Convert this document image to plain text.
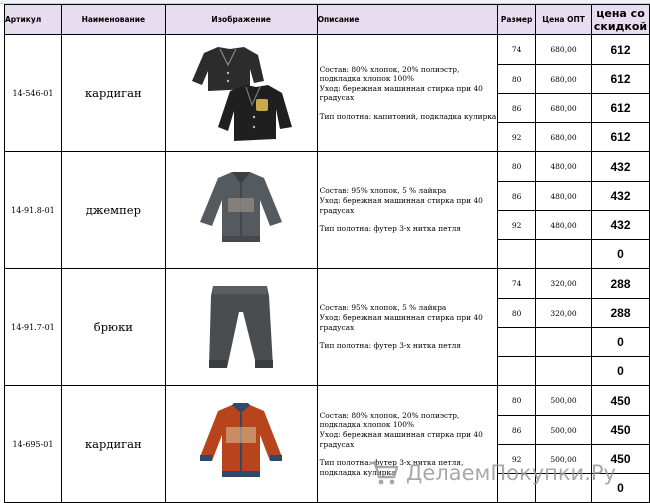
Артикул	Наименование	Изображение	Описание	Размер	Цена ОПТ	цена со
скидкой
14-546-01	кардиган		Состав: 80% хлопок, 20% полиэстр,

подкладка хлопок 100%

Уход: бережная машинная стирка при 40 градусах

Тип полотна: капитоний, подкладка кулирка	74	680,00	612
				80	680,00	612
				86	680,00	612
				92	680,00	612
14-91.8-01	джемпер		Состав: 95% хлопок, 5 % лайкра

Уход: бережная машинная стирка при 40 градусах

Тип полотна: футер 3-х нитка петля	80	480,00	432
				86	480,00	432
				92	480,00	432
						0
14-91.7-01	брюки		Состав: 95% хлопок, 5 % лайкра

Уход: бережная машинная стирка при 40 градусах

Тип полотна: футер 3-х нитка петля	74	320,00	288
				80	320,00	288
						0
						0
14-695-01	кардиган		Состав: 80% хлопок, 20% полиэстр,

подкладка хлопок 100%

Уход: бережная машинная стирка при 40 градусах

Тип полотна: футер 3-х нитка петля, подкладка кулирка	80	500,00	450
				86	500,00	450
				92	500,00	450
						0
ДелаемПокупки.Ру
